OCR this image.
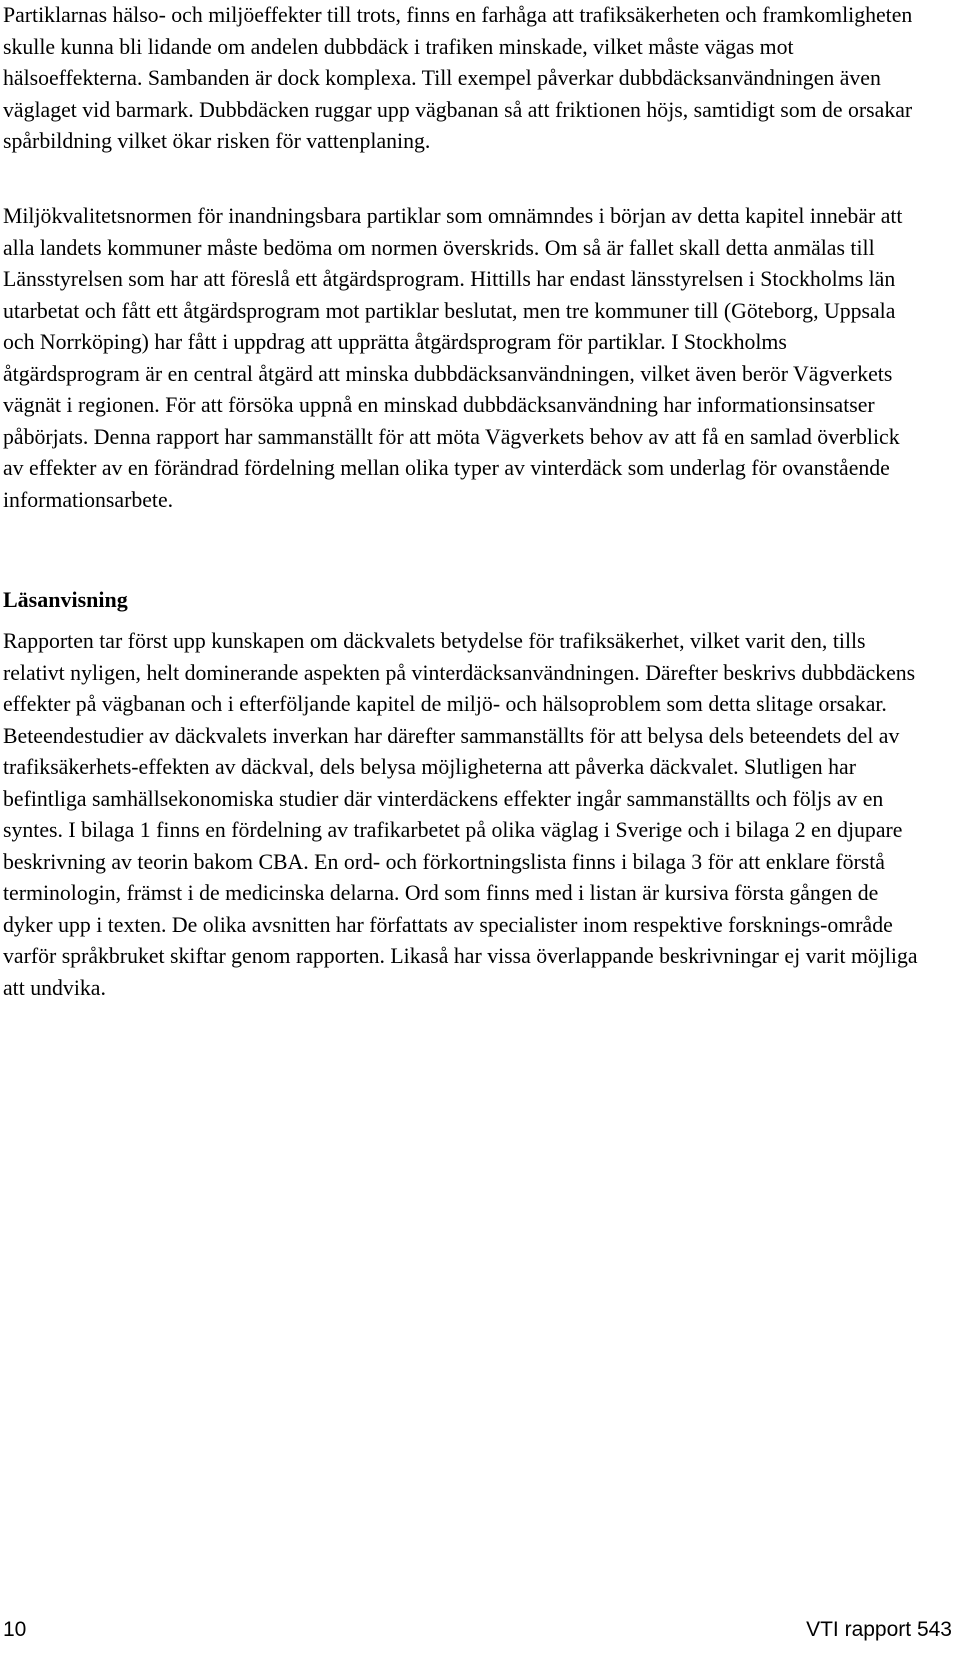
Partiklarnas hälso- och miljöeffekter till trots, finns en farhåga att trafiksäkerheten och framkomligheten skulle kunna bli lidande om andelen dubbdäck i trafiken minskade, vilket måste vägas mot hälsoeffekterna. Sambanden är dock komplexa. Till exempel påverkar dubbdäcksanvändningen även väglaget vid barmark. Dubbdäcken ruggar upp vägbanan så att friktionen höjs, samtidigt som de orsakar spårbildning vilket ökar risken för vattenplaning.

Miljökvalitetsnormen för inandningsbara partiklar som omnämndes i början av detta kapitel innebär att alla landets kommuner måste bedöma om normen överskrids. Om så är fallet skall detta anmälas till Länsstyrelsen som har att föreslå ett åtgärdsprogram. Hittills har endast länsstyrelsen i Stockholms län utarbetat och fått ett åtgärdsprogram mot partiklar beslutat, men tre kommuner till (Göteborg, Uppsala och Norrköping) har fått i uppdrag att upprätta åtgärdsprogram för partiklar. I Stockholms åtgärdsprogram är en central åtgärd att minska dubbdäcksanvändningen, vilket även berör Vägverkets vägnät i regionen. För att försöka uppnå en minskad dubbdäcksanvändning har informationsinsatser påbörjats. Denna rapport har sammanställt för att möta Vägverkets behov av att få en samlad överblick av effekter av en förändrad fördelning mellan olika typer av vinterdäck som underlag för ovanstående informationsarbete.

Läsanvisning

Rapporten tar först upp kunskapen om däckvalets betydelse för trafiksäkerhet, vilket varit den, tills relativt nyligen, helt dominerande aspekten på vinterdäcksanvändningen. Därefter beskrivs dubbdäckens effekter på vägbanan och i efterföljande kapitel de miljö- och hälsoproblem som detta slitage orsakar. Beteendestudier av däckvalets inverkan har därefter sammanställts för att belysa dels beteendets del av trafiksäkerhets-effekten av däckval, dels belysa möjligheterna att påverka däckvalet. Slutligen har befintliga samhällsekonomiska studier där vinterdäckens effekter ingår sammanställts och följs av en syntes. I bilaga 1 finns en fördelning av trafikarbetet på olika väglag i Sverige och i bilaga 2 en djupare beskrivning av teorin bakom CBA. En ord- och förkortningslista finns i bilaga 3 för att enklare förstå terminologin, främst i de medicinska delarna. Ord som finns med i listan är kursiva första gången de dyker upp i texten. De olika avsnitten har författats av specialister inom respektive forsknings-område varför språkbruket skiftar genom rapporten. Likaså har vissa överlappande beskrivningar ej varit möjliga att undvika.

10	VTI rapport 543
